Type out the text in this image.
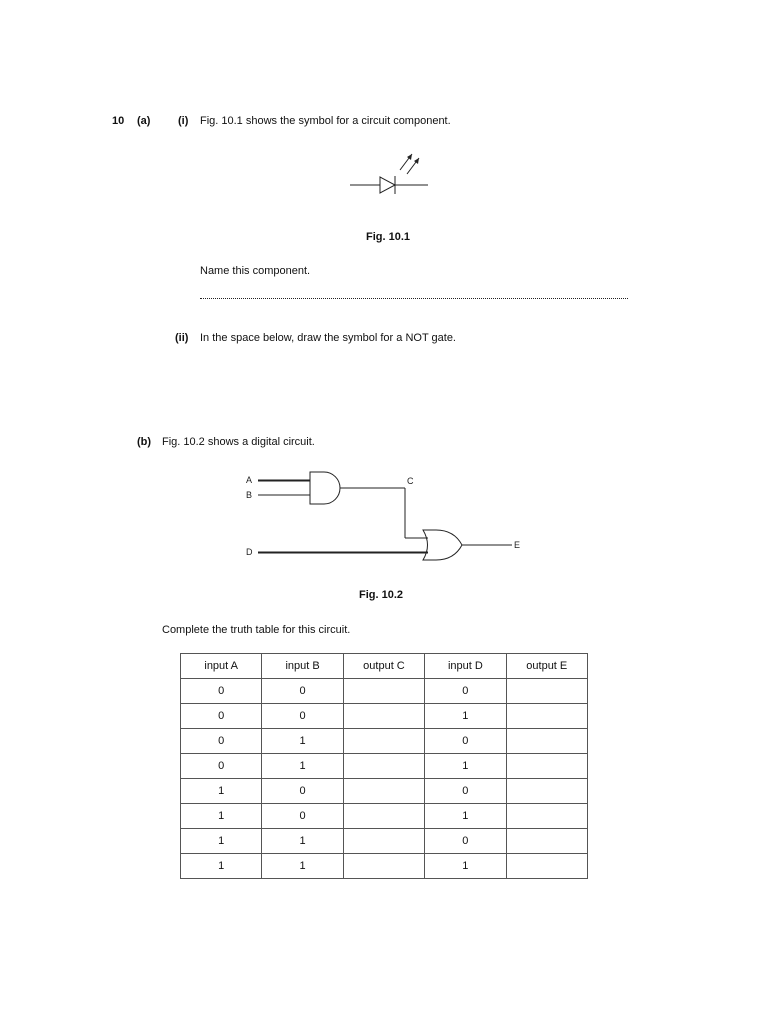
10 (a)	(i) Fig. 10.1 shows the symbol for a circuit component.
Fig. 10.1
Name this component.
(ii) In the space below, draw the symbol for a NOT gate.
(b) Fig. 10.2 shows a digital circuit.
A
B
C
D
E
Fig. 10.2
Complete the truth table for this circuit.
input A	input B	output C	input D	output E
0	0		0	
0	0		1	
0	1		0	
0	1		1	
1	0		0	
1	0		1	
1	1		0	
1	1		1	
